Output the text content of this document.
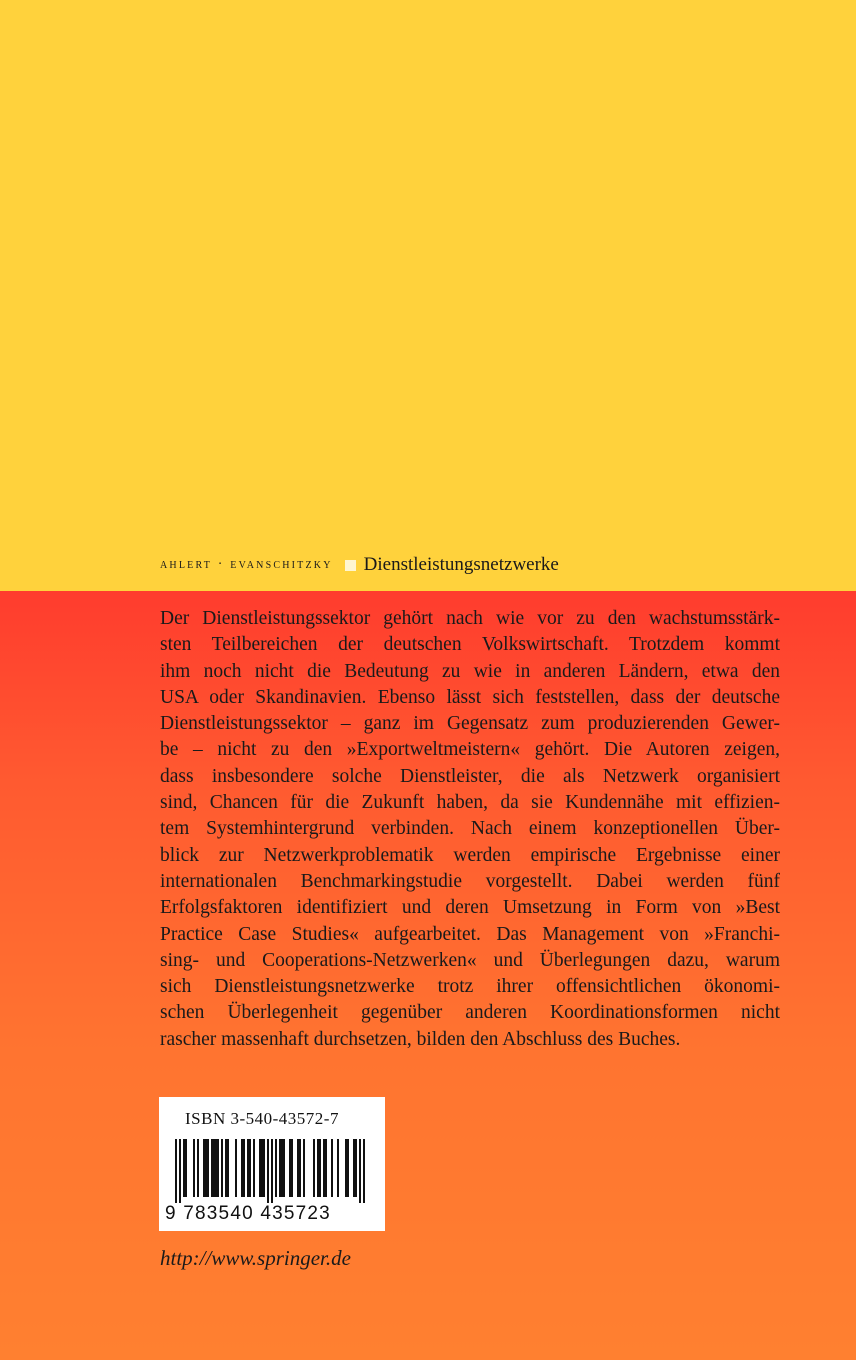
ahlert · evanschitzky Dienstleistungsnetzwerke
Der Dienstleistungssektor gehört nach wie vor zu den wachstumsstärk-
sten Teilbereichen der deutschen Volkswirtschaft. Trotzdem kommt
ihm noch nicht die Bedeutung zu wie in anderen Ländern, etwa den
USA oder Skandinavien. Ebenso lässt sich feststellen, dass der deutsche
Dienstleistungssektor – ganz im Gegensatz zum produzierenden Gewer-
be – nicht zu den »Exportweltmeistern« gehört. Die Autoren zeigen,
dass insbesondere solche Dienstleister, die als Netzwerk organisiert
sind, Chancen für die Zukunft haben, da sie Kundennähe mit effizien-
tem Systemhintergrund verbinden. Nach einem konzeptionellen Über-
blick zur Netzwerkproblematik werden empirische Ergebnisse einer
internationalen Benchmarkingstudie vorgestellt. Dabei werden fünf
Erfolgsfaktoren identifiziert und deren Umsetzung in Form von »Best
Practice Case Studies« aufgearbeitet. Das Management von »Franchi-
sing- und Cooperations-Netzwerken« und Überlegungen dazu, warum
sich Dienstleistungsnetzwerke trotz ihrer offensichtlichen ökonomi-
schen Überlegenheit gegenüber anderen Koordinationsformen nicht
rascher massenhaft durchsetzen, bilden den Abschluss des Buches.
ISBN 3-540-43572-7
9 783540 435723
http://www.springer.de
